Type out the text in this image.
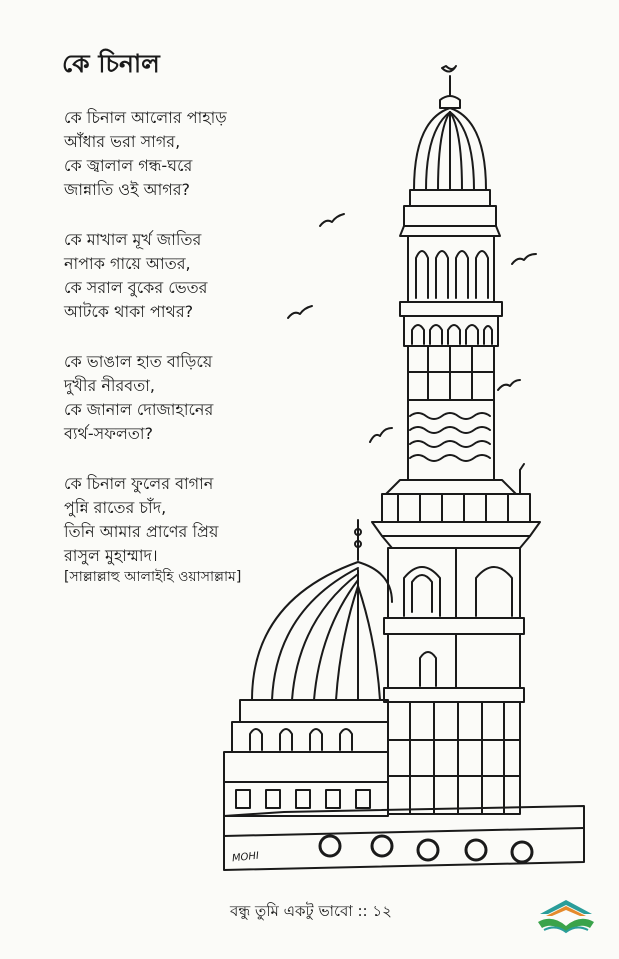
কে চিনাল
কে চিনাল আলোর পাহাড়
আঁধার ভরা সাগর,
কে জ্বালাল গন্ধ-ঘরে
জান্নাতি ওই আগর?
কে মাখাল মূর্খ জাতির
নাপাক গায়ে আতর,
কে সরাল বুকের ভেতর
আটকে থাকা পাথর?
কে ভাঙাল হাত বাড়িয়ে
দুখীর নীরবতা,
কে জানাল দোজাহানের
ব্যর্থ-সফলতা?
কে চিনাল ফুলের বাগান
পুন্নি রাতের চাঁদ,
তিনি আমার প্রাণের প্রিয়
রাসুল মুহাম্মাদ।
[সাল্লাল্লাহু আলাইহি ওয়াসাল্লাম]
MOHI
বন্ধু তুমি একটু ভাবো :: ১২
